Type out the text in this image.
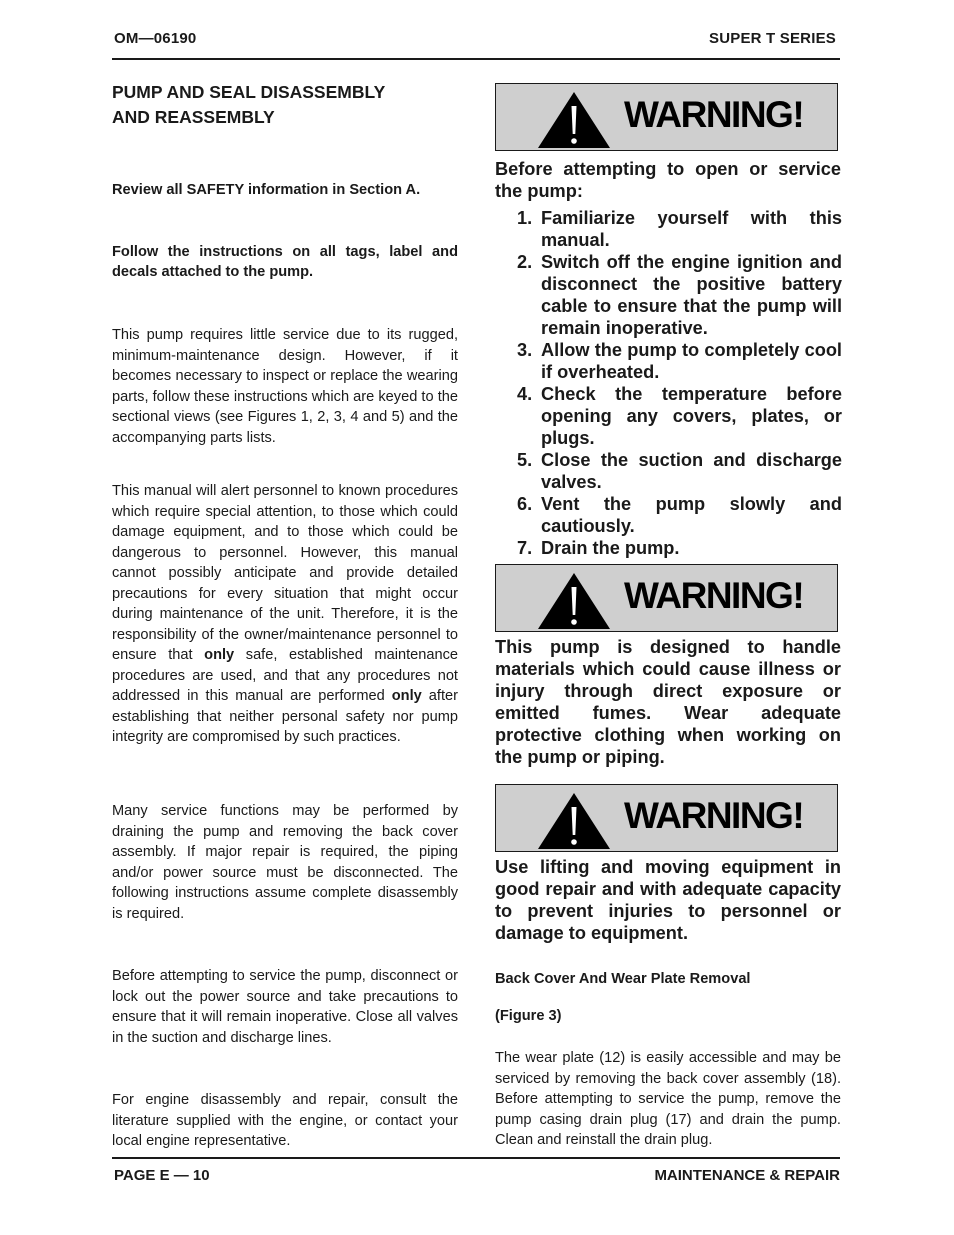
OM—06190	SUPER T SERIES
PUMP AND SEAL DISASSEMBLY
AND REASSEMBLY

Review all SAFETY information in Section A.

Follow the instructions on all tags, label and decals attached to the pump.

This pump requires little service due to its rugged, minimum-maintenance design. However, if it becomes necessary to inspect or replace the wearing parts, follow these instructions which are keyed to the sectional views (see Figures 1, 2, 3, 4 and 5) and the accompanying parts lists.

This manual will alert personnel to known procedures which require special attention, to those which could damage equipment, and to those which could be dangerous to personnel. However, this manual cannot possibly anticipate and provide detailed precautions for every situation that might occur during maintenance of the unit. Therefore, it is the responsibility of the owner/maintenance personnel to ensure that only safe, established maintenance procedures are used, and that any procedures not addressed in this manual are performed only after establishing that neither personal safety nor pump integrity are compromised by such practices.

Many service functions may be performed by draining the pump and removing the back cover assembly. If major repair is required, the piping and/or power source must be disconnected. The following instructions assume complete disassembly is required.

Before attempting to service the pump, disconnect or lock out the power source and take precautions to ensure that it will remain inoperative. Close all valves in the suction and discharge lines.

For engine disassembly and repair, consult the literature supplied with the engine, or contact your local engine representative.

WARNING!

Before attempting to open or service the pump:

1. Familiarize yourself with this manual.
2. Switch off the engine ignition and disconnect the positive battery cable to ensure that the pump will remain inoperative.
3. Allow the pump to completely cool if overheated.
4. Check the temperature before opening any covers, plates, or plugs.
5. Close the suction and discharge valves.
6. Vent the pump slowly and cautiously.
7. Drain the pump.
WARNING!

This pump is designed to handle materials which could cause illness or injury through direct exposure or emitted fumes. Wear adequate protective clothing when working on the pump or piping.

WARNING!

Use lifting and moving equipment in good repair and with adequate capacity to prevent injuries to personnel or damage to equipment.

Back Cover And Wear Plate Removal

(Figure 3)

The wear plate (12) is easily accessible and may be serviced by removing the back cover assembly (18). Before attempting to service the pump, remove the pump casing drain plug (17) and drain the pump. Clean and reinstall the drain plug.

PAGE E — 10	MAINTENANCE & REPAIR
